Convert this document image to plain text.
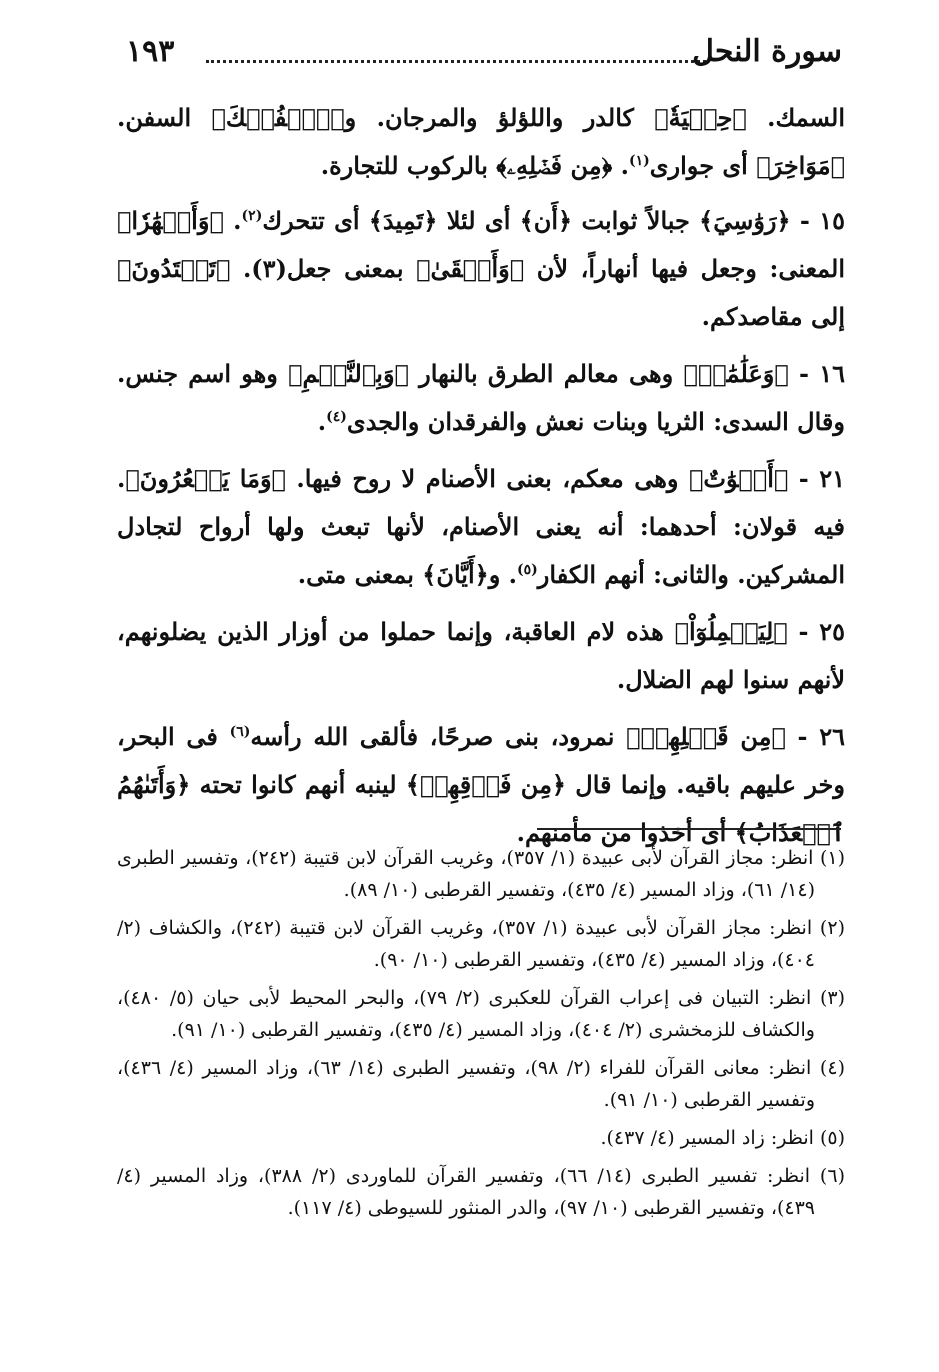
١٩٣	سورة النحل

السمك. ﴿حِلۡيَةٗ﴾ كالدر واللؤلؤ والمرجان. و﴿ٱلۡفُلۡكَ﴾ السفن. ﴿مَوَاخِرَ﴾ أى جوارى$^{(١)}$. ﴿مِن فَضۡلِهِۦ﴾ بالركوب للتجارة.

١٥ - ﴿رَوَٰسِيَ﴾ جبالاً ثوابت ﴿أَن﴾ أى لئلا ﴿تَمِيدَ﴾ أى تتحرك$^{(٢)}$. ﴿وَأَنۡهَٰرٗا﴾ المعنى: وجعل فيها أنهاراً، لأن ﴿وَأَلۡقَىٰ﴾ بمعنى جعل(٣). ﴿تَهۡتَدُونَ﴾ إلى مقاصدكم.

١٦ - ﴿وَعَلَٰمَٰتٖ﴾ وهى معالم الطرق بالنهار ﴿وَبِٱلنَّجۡمِ﴾ وهو اسم جنس. وقال السدى: الثريا وبنات نعش والفرقدان والجدى$^{(٤)}$.

٢١ - ﴿أَمۡوَٰتٌ﴾ وهى معكم، بعنى الأصنام لا روح فيها. ﴿وَمَا يَشۡعُرُونَ﴾. فيه قولان: أحدهما: أنه يعنى الأصنام، لأنها تبعث ولها أرواح لتجادل المشركين. والثانى: أنهم الكفار$^{(٥)}$. و﴿أَيَّانَ﴾ بمعنى متى.

٢٥ - ﴿لِيَحۡمِلُوٓاْ﴾ هذه لام العاقبة، وإنما حملوا من أوزار الذين يضلونهم، لأنهم سنوا لهم الضلال.

٢٦ - ﴿مِن قَبۡلِهِمۡ﴾ نمرود، بنى صرحًا، فألقى الله رأسه$^{(٦)}$ فى البحر، وخر عليهم باقيه. وإنما قال ﴿مِن فَوۡقِهِمۡ﴾ لينبه أنهم كانوا تحته ﴿وَأَتَىٰهُمُ ٱلۡعَذَابُ﴾ أى أخذوا من مأمنهم.

(١) انظر: مجاز القرآن لأبى عبيدة (١/ ٣٥٧)، وغريب القرآن لابن قتيبة (٢٤٢)، وتفسير الطبرى (١٤/ ٦١)، وزاد المسير (٤/ ٤٣٥)، وتفسير القرطبى (١٠/ ٨٩).

(٢) انظر: مجاز القرآن لأبى عبيدة (١/ ٣٥٧)، وغريب القرآن لابن قتيبة (٢٤٢)، والكشاف (٢/ ٤٠٤)، وزاد المسير (٤/ ٤٣٥)، وتفسير القرطبى (١٠/ ٩٠).

(٣) انظر: التبيان فى إعراب القرآن للعكبرى (٢/ ٧٩)، والبحر المحيط لأبى حيان (٥/ ٤٨٠)، والكشاف للزمخشرى (٢/ ٤٠٤)، وزاد المسير (٤/ ٤٣٥)، وتفسير القرطبى (١٠/ ٩١).

(٤) انظر: معانى القرآن للفراء (٢/ ٩٨)، وتفسير الطبرى (١٤/ ٦٣)، وزاد المسير (٤/ ٤٣٦)، وتفسير القرطبى (١٠/ ٩١).

(٥) انظر: زاد المسير (٤/ ٤٣٧).

(٦) انظر: تفسير الطبرى (١٤/ ٦٦)، وتفسير القرآن للماوردى (٢/ ٣٨٨)، وزاد المسير (٤/ ٤٣٩)، وتفسير القرطبى (١٠/ ٩٧)، والدر المنثور للسيوطى (٤/ ١١٧).
